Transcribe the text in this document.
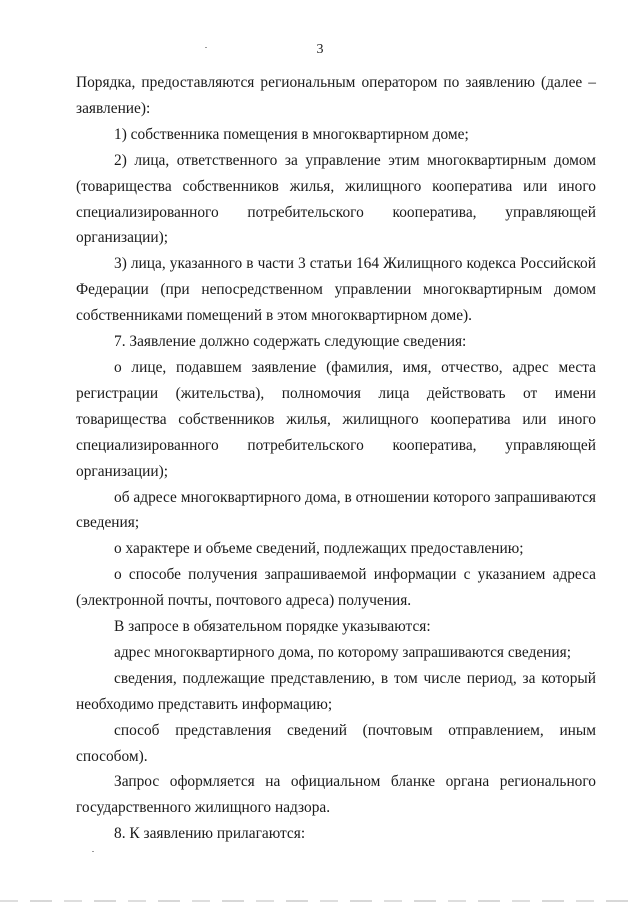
3

Порядка, предоставляются региональным оператором по заявлению (далее – заявление):

1) собственника помещения в многоквартирном доме;

2) лица, ответственного за управление этим многоквартирным домом (товарищества собственников жилья, жилищного кооператива или иного специализированного потребительского кооператива, управляющей организации);

3) лица, указанного в части 3 статьи 164 Жилищного кодекса Российской Федерации (при непосредственном управлении многоквартирным домом собственниками помещений в этом многоквартирном доме).

7. Заявление должно содержать следующие сведения:

о лице, подавшем заявление (фамилия, имя, отчество, адрес места регистрации (жительства), полномочия лица действовать от имени товарищества собственников жилья, жилищного кооператива или иного специализированного потребительского кооператива, управляющей организации);

об адресе многоквартирного дома, в отношении которого запрашиваются сведения;

о характере и объеме сведений, подлежащих предоставлению;

о способе получения запрашиваемой информации с указанием адреса (электронной почты, почтового адреса) получения.

В запросе в обязательном порядке указываются:

адрес многоквартирного дома, по которому запрашиваются сведения;

сведения, подлежащие представлению, в том числе период, за который необходимо представить информацию;

способ представления сведений (почтовым отправлением, иным способом).

Запрос оформляется на официальном бланке органа регионального государственного жилищного надзора.

8. К заявлению прилагаются:
